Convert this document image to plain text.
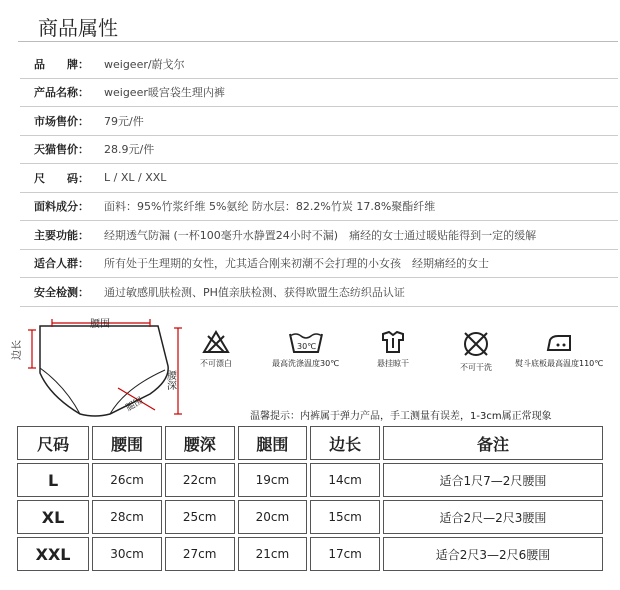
商品属性
品　　牌：	weigeer/蔚戈尔
产品名称：	weigeer暖宫袋生理内裤
市场售价：	79元/件
天猫售价：	28.9元/件
尺　　码：	L / XL / XXL
面料成分：	面料：95%竹浆纤维 5%氨纶 防水层：82.2%竹炭 17.8%聚酯纤维
主要功能：	经期透气防漏 (一杯100毫升水静置24小时不漏)　痛经的女士通过暖贴能得到一定的缓解
适合人群：	所有处于生理期的女性，尤其适合刚来初潮不会打理的小女孩　经期痛经的女士
安全检测：	通过敏感肌肤检测、PH值亲肤检测、获得欧盟生态纺织品认证
腰围
边长
腰深
腿围
不可漂白
30℃
最高洗涤温度30℃	悬挂晾干	不可干洗	熨斗底板最高温度110℃
温馨提示：内裤属于弹力产品，手工测量有误差，1-3cm属正常现象
尺码	腰围	腰深	腿围	边长	备注
L	26cm	22cm	19cm	14cm	适合1尺7—2尺腰围
XL	28cm	25cm	20cm	15cm	适合2尺—2尺3腰围
XXL	30cm	27cm	21cm	17cm	适合2尺3—2尺6腰围
